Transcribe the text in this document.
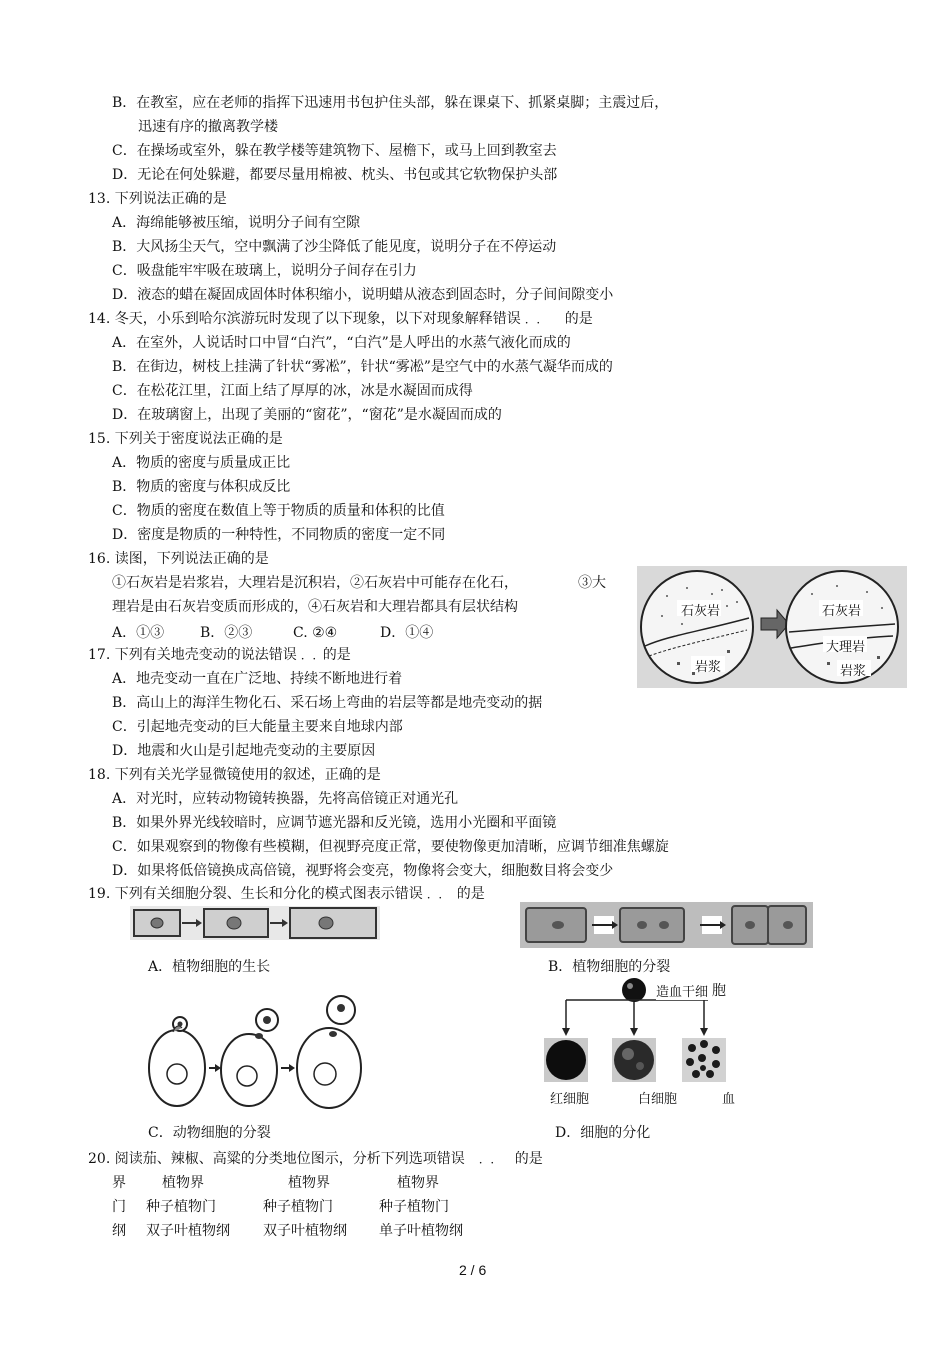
B．在教室，应在老师的指挥下迅速用书包护住头部，躲在课桌下、抓紧桌脚；主震过后，
迅速有序的撤离教学楼
C．在操场或室外，躲在教学楼等建筑物下、屋檐下，或马上回到教室去
D．无论在何处躲避，都要尽量用棉被、枕头、书包或其它软物保护头部
13. 下列说法正确的是
A．海绵能够被压缩，说明分子间有空隙
B．大风扬尘天气，空中飘满了沙尘降低了能见度，说明分子在不停运动
C．吸盘能牢牢吸在玻璃上，说明分子间存在引力
D．液态的蜡在凝固成固体时体积缩小，说明蜡从液态到固态时，分子间间隙变小
14. 冬天，小乐到哈尔滨游玩时发现了以下现象，以下对现象解释错误 · ·	的是
A．在室外，人说话时口中冒“白汽”，“白汽”是人呼出的水蒸气液化而成的
B．在街边，树枝上挂满了针状“雾凇”，针状“雾凇”是空气中的水蒸气凝华而成的
C．在松花江里，江面上结了厚厚的冰，冰是水凝固而成得
D．在玻璃窗上，出现了美丽的“窗花”，“窗花”是水凝固而成的
15. 下列关于密度说法正确的是
A．物质的密度与质量成正比
B．物质的密度与体积成反比
C．物质的密度在数值上等于物质的质量和体积的比值
D．密度是物质的一种特性，不同物质的密度一定不同
16. 读图，下列说法正确的是
①石灰岩是岩浆岩，大理岩是沉积岩，②石灰岩中可能存在化石，	③大
理岩是由石灰岩变质而形成的，④石灰岩和大理岩都具有层状结构
A．①③	B．②③	C. ②④	D．①④
石灰岩
岩浆
石灰岩
大理岩
岩浆
17. 下列有关地壳变动的说法错误 · · 的是
A．地壳变动一直在广泛地、持续不断地进行着
B．高山上的海洋生物化石、采石场上弯曲的岩层等都是地壳变动的据
C．引起地壳变动的巨大能量主要来自地球内部
D．地震和火山是引起地壳变动的主要原因
18. 下列有关光学显微镜使用的叙述，正确的是
A．对光时，应转动物镜转换器，先将高倍镜正对通光孔
B．如果外界光线较暗时，应调节遮光器和反光镜，选用小光圈和平面镜
C．如果观察到的物像有些模糊，但视野亮度正常，要使物像更加清晰，应调节细准焦螺旋
D．如果将低倍镜换成高倍镜，视野将会变亮，物像将会变大，细胞数目将会变少
19. 下列有关细胞分裂、生长和分化的模式图表示错误 · · 的是
A．植物细胞的生长	B．植物细胞的分裂
C．动物细胞的分裂
造血干细 胞
红细胞	白细胞	血
D．细胞的分化
20. 阅读茄、辣椒、高粱的分类地位图示，分析下列选项错误 · ·	的是
界	植物界	植物界	植物界
门 种子植物门	种子植物门	种子植物门
纲 双子叶植物纲 双子叶植物纲 单子叶植物纲
2 / 6
